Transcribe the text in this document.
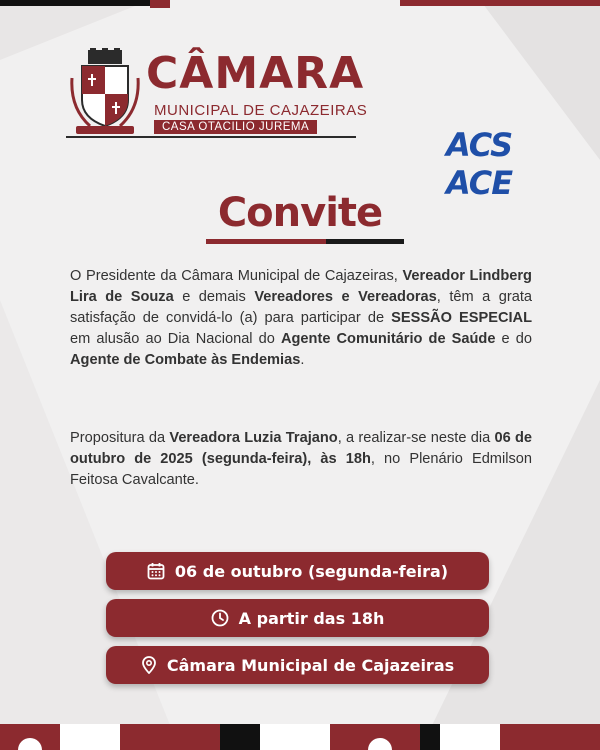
CÂMARA
MUNICIPAL DE CAJAZEIRAS
CASA OTACILIO JUREMA	ACS ACE
Convite
O Presidente da Câmara Municipal de Cajazeiras, Vereador Lindberg Lira de Souza e demais Vereadores e Vereadoras, têm a grata satisfação de convidá-lo (a) para participar de SESSÃO ESPECIAL em alusão ao Dia Nacional do Agente Comunitário de Saúde e do Agente de Combate às Endemias.
Propositura da Vereadora Luzia Trajano, a realizar-se neste dia 06 de outubro de 2025 (segunda-feira), às 18h, no Plenário Edmilson Feitosa Cavalcante.
06 de outubro (segunda-feira)
A partir das 18h
Câmara Municipal de Cajazeiras
